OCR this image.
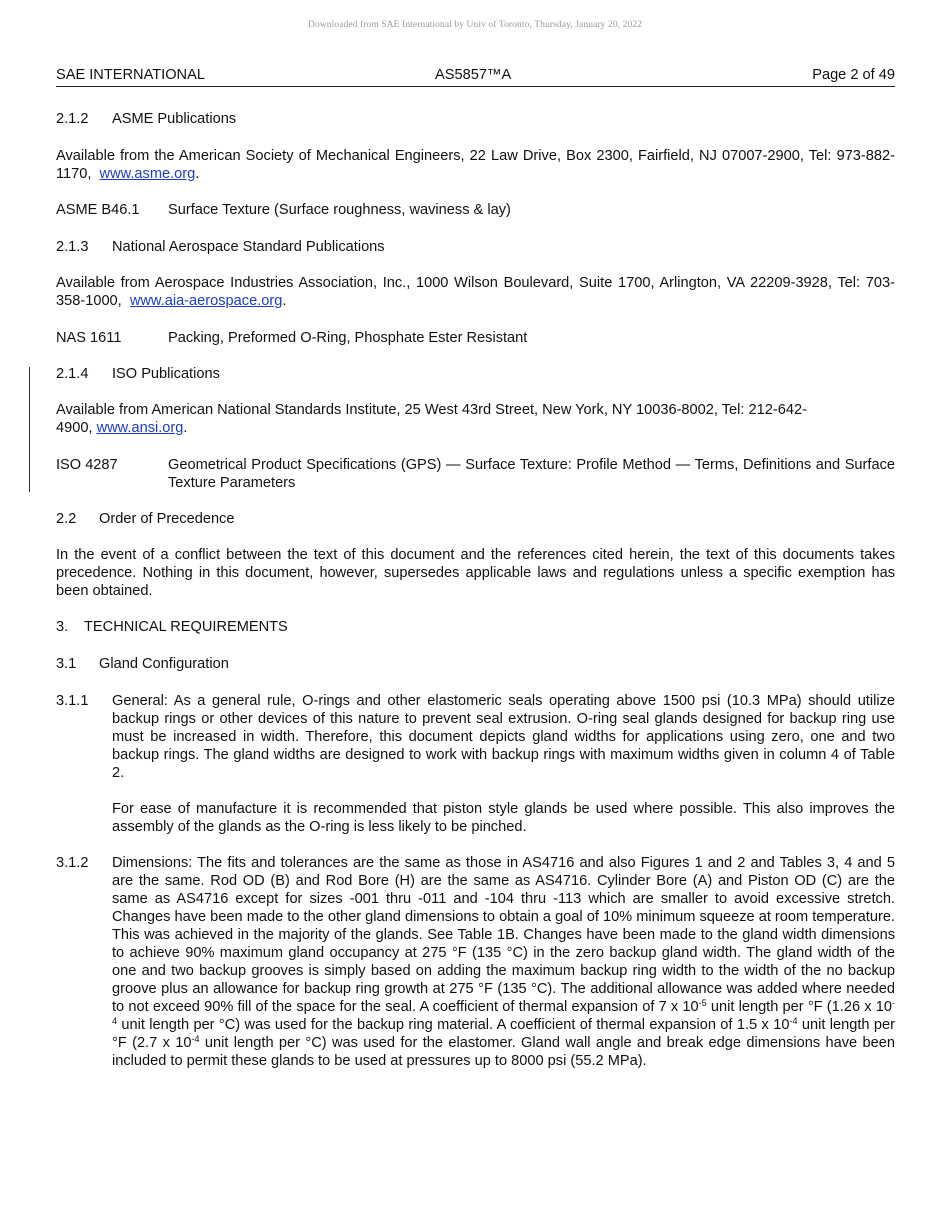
Downloaded from SAE International by Univ of Toronto, Thursday, January 20, 2022
SAE INTERNATIONAL	AS5857™A	Page 2 of 49
2.1.2 ASME Publications
Available from the American Society of Mechanical Engineers, 22 Law Drive, Box 2300, Fairfield, NJ 07007-2900, Tel: 973-882-1170, www.asme.org.
ASME B46.1 Surface Texture (Surface roughness, waviness & lay)
2.1.3 National Aerospace Standard Publications
Available from Aerospace Industries Association, Inc., 1000 Wilson Boulevard, Suite 1700, Arlington, VA 22209-3928, Tel: 703-358-1000, www.aia-aerospace.org.
NAS 1611	Packing, Preformed O-Ring, Phosphate Ester Resistant
2.1.4 ISO Publications
Available from American National Standards Institute, 25 West 43rd Street, New York, NY 10036-8002, Tel: 212-642-
4900, www.ansi.org.
ISO 4287	Geometrical Product Specifications (GPS) — Surface Texture: Profile Method — Terms, Definitions and Surface Texture Parameters
2.2 Order of Precedence
In the event of a conflict between the text of this document and the references cited herein, the text of this documents takes precedence. Nothing in this document, however, supersedes applicable laws and regulations unless a specific exemption has been obtained.
3. TECHNICAL REQUIREMENTS
3.1 Gland Configuration
3.1.1 General: As a general rule, O-rings and other elastomeric seals operating above 1500 psi (10.3 MPa) should utilize backup rings or other devices of this nature to prevent seal extrusion. O-ring seal glands designed for backup ring use must be increased in width. Therefore, this document depicts gland widths for applications using zero, one and two backup rings. The gland widths are designed to work with backup rings with maximum widths given in column 4 of Table 2.
For ease of manufacture it is recommended that piston style glands be used where possible. This also improves the assembly of the glands as the O-ring is less likely to be pinched.
3.1.2 Dimensions: The fits and tolerances are the same as those in AS4716 and also Figures 1 and 2 and Tables 3, 4 and 5 are the same. Rod OD (B) and Rod Bore (H) are the same as AS4716. Cylinder Bore (A) and Piston OD (C) are the same as AS4716 except for sizes -001 thru -011 and -104 thru -113 which are smaller to avoid excessive stretch. Changes have been made to the other gland dimensions to obtain a goal of 10% minimum squeeze at room temperature. This was achieved in the majority of the glands. See Table 1B. Changes have been made to the gland width dimensions to achieve 90% maximum gland occupancy at 275 °F (135 °C) in the zero backup gland width. The gland width of the one and two backup grooves is simply based on adding the maximum backup ring width to the width of the no backup groove plus an allowance for backup ring growth at 275 °F (135 °C). The additional allowance was added where needed to not exceed 90% fill of the space for the seal. A coefficient of thermal expansion of 7 x $10^{-5}$ unit length per °F (1.26 x $10^{-4}$ unit length per °C) was used for the backup ring material. A coefficient of thermal expansion of 1.5 x $10^{-4}$ unit length per °F (2.7 x $10^{-4}$ unit length per °C) was used for the elastomer. Gland wall angle and break edge dimensions have been included to permit these glands to be used at pressures up to 8000 psi (55.2 MPa).
